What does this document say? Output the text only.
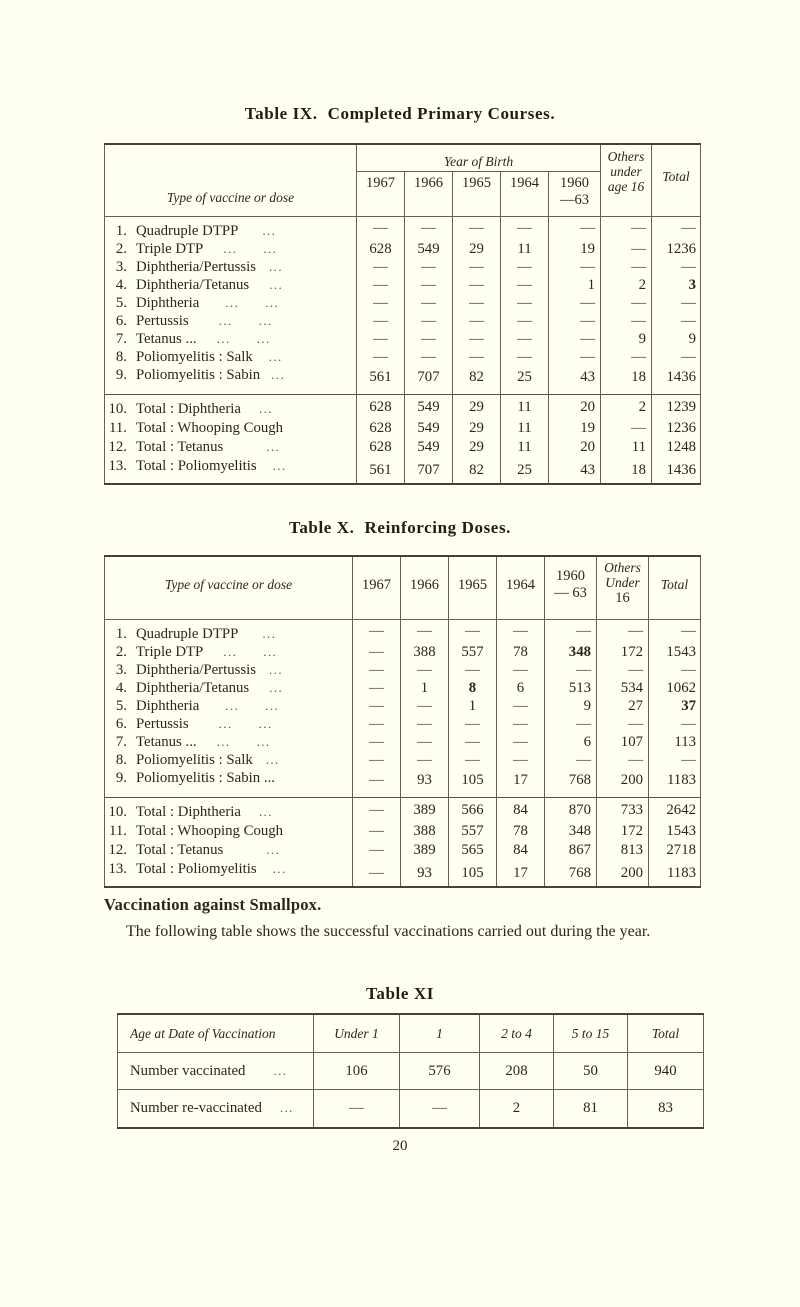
Table IX. Completed Primary Courses.
Type of vaccine or dose	Year of Birth					Others
under
age 16	Total

	1967	1966	1965	1964	1960
—63		

1. Quadruple DTPP ...	—	—	—	—	—	—	—

2. Triple DTP ... ...	628	549	29	11	19	—	1236

3. Diphtheria/Pertussis ...	—	—	—	—	—	—	—

4. Diphtheria/Tetanus ...	—	—	—	—	1	2	3

5. Diphtheria ... ...	—	—	—	—	—	—	—

6. Pertussis ... ...	—	—	—	—	—	—	—

7. Tetanus ... ... ...	—	—	—	—	—	9	9

8. Poliomyelitis : Salk ...	—	—	—	—	—	—	—

9. Poliomyelitis : Sabin ...	561	707	82	25	43	18	1436

10. Total : Diphtheria ...	628	549	29	11	20	2	1239

11. Total : Whooping Cough	628	549	29	11	19	—	1236

12. Total : Tetanus ...	628	549	29	11	20	11	1248

13. Total : Poliomyelitis ...	561	707	82	25	43	18	1436
Table X. Reinforcing Doses.
Type of vaccine or dose	1967	1966	1965	1964

1960
— 63

Others
Under
16

Total

1. Quadruple DTPP ...	—	—	—	—	—	—	—

2. Triple DTP ... ...	—	388	557	78	348	172	1543

3. Diphtheria/Pertussis ...	—	—	—	—	—	—	—

4. Diphtheria/Tetanus ...	—	1	8	6	513	534	1062

5. Diphtheria ... ...	—	—	1	—	9	27	37

6. Pertussis ... ...	—	—	—	—	—	—	—

7. Tetanus ... ... ...	—	—	—	—	6	107	113

8. Poliomyelitis : Salk ...	—	—	—	—	—	—	—

9. Poliomyelitis : Sabin ...	—	93	105	17	768	200	1183

10. Total : Diphtheria ...	—	389	566	84	870	733	2642

11. Total : Whooping Cough	—	388	557	78	348	172	1543

12. Total : Tetanus ...	—	389	565	84	867	813	2718

13. Total : Poliomyelitis ...	—	93	105	17	768	200	1183
Vaccination against Smallpox.
The following table shows the successful vaccinations carried out during the year.
Table XI
Age at Date of Vaccination	Under 1	1	2 to 4	5 to 15	Total

Number vaccinated ...	106	576	208	50	940

Number re-vaccinated ...	—	—	2	81	83
20
